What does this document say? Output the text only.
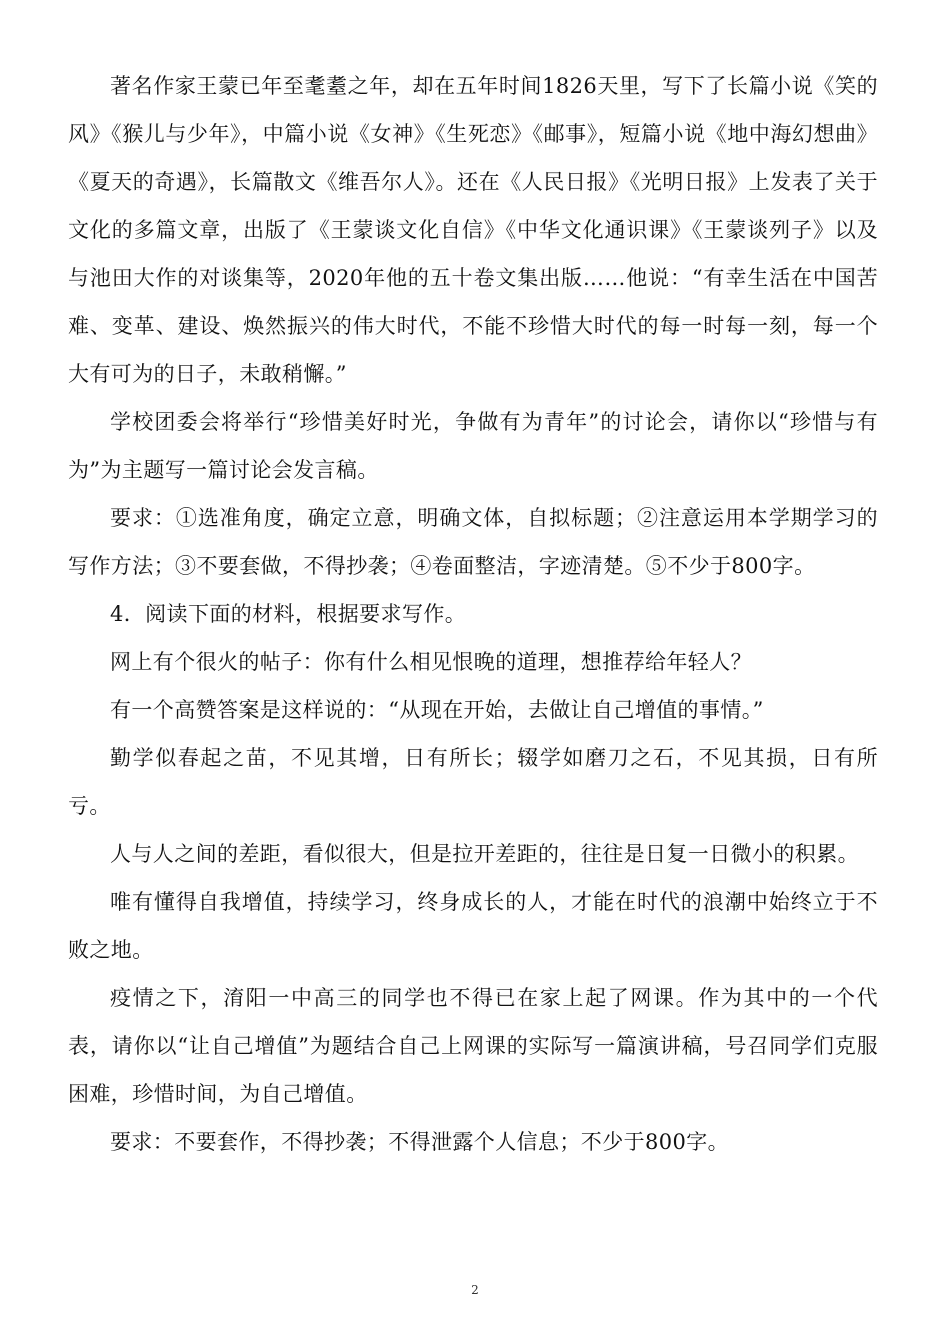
著名作家王蒙已年至耄耋之年，却在五年时间1826天里，写下了长篇小说《笑的风》《猴儿与少年》，中篇小说《女神》《生死恋》《邮事》，短篇小说《地中海幻想曲》《夏天的奇遇》，长篇散文《维吾尔人》。还在《人民日报》《光明日报》上发表了关于文化的多篇文章，出版了《王蒙谈文化自信》《中华文化通识课》《王蒙谈列子》以及与池田大作的对谈集等，2020年他的五十卷文集出版……他说：“有幸生活在中国苦难、变革、建设、焕然振兴的伟大时代，不能不珍惜大时代的每一时每一刻，每一个大有可为的日子，未敢稍懈。”

学校团委会将举行“珍惜美好时光，争做有为青年”的讨论会，请你以“珍惜与有为”为主题写一篇讨论会发言稿。

要求：①选准角度，确定立意，明确文体，自拟标题；②注意运用本学期学习的写作方法；③不要套做，不得抄袭；④卷面整洁，字迹清楚。⑤不少于800字。

4．阅读下面的材料，根据要求写作。

网上有个很火的帖子：你有什么相见恨晚的道理，想推荐给年轻人？

有一个高赞答案是这样说的：“从现在开始，去做让自己增值的事情。”

勤学似春起之苗，不见其增，日有所长；辍学如磨刀之石，不见其损，日有所亏。

人与人之间的差距，看似很大，但是拉开差距的，往往是日复一日微小的积累。

唯有懂得自我增值，持续学习，终身成长的人，才能在时代的浪潮中始终立于不败之地。

疫情之下，淯阳一中高三的同学也不得已在家上起了网课。作为其中的一个代表，请你以“让自己增值”为题结合自己上网课的实际写一篇演讲稿，号召同学们克服困难，珍惜时间，为自己增值。

要求：不要套作，不得抄袭；不得泄露个人信息；不少于800字。

2
